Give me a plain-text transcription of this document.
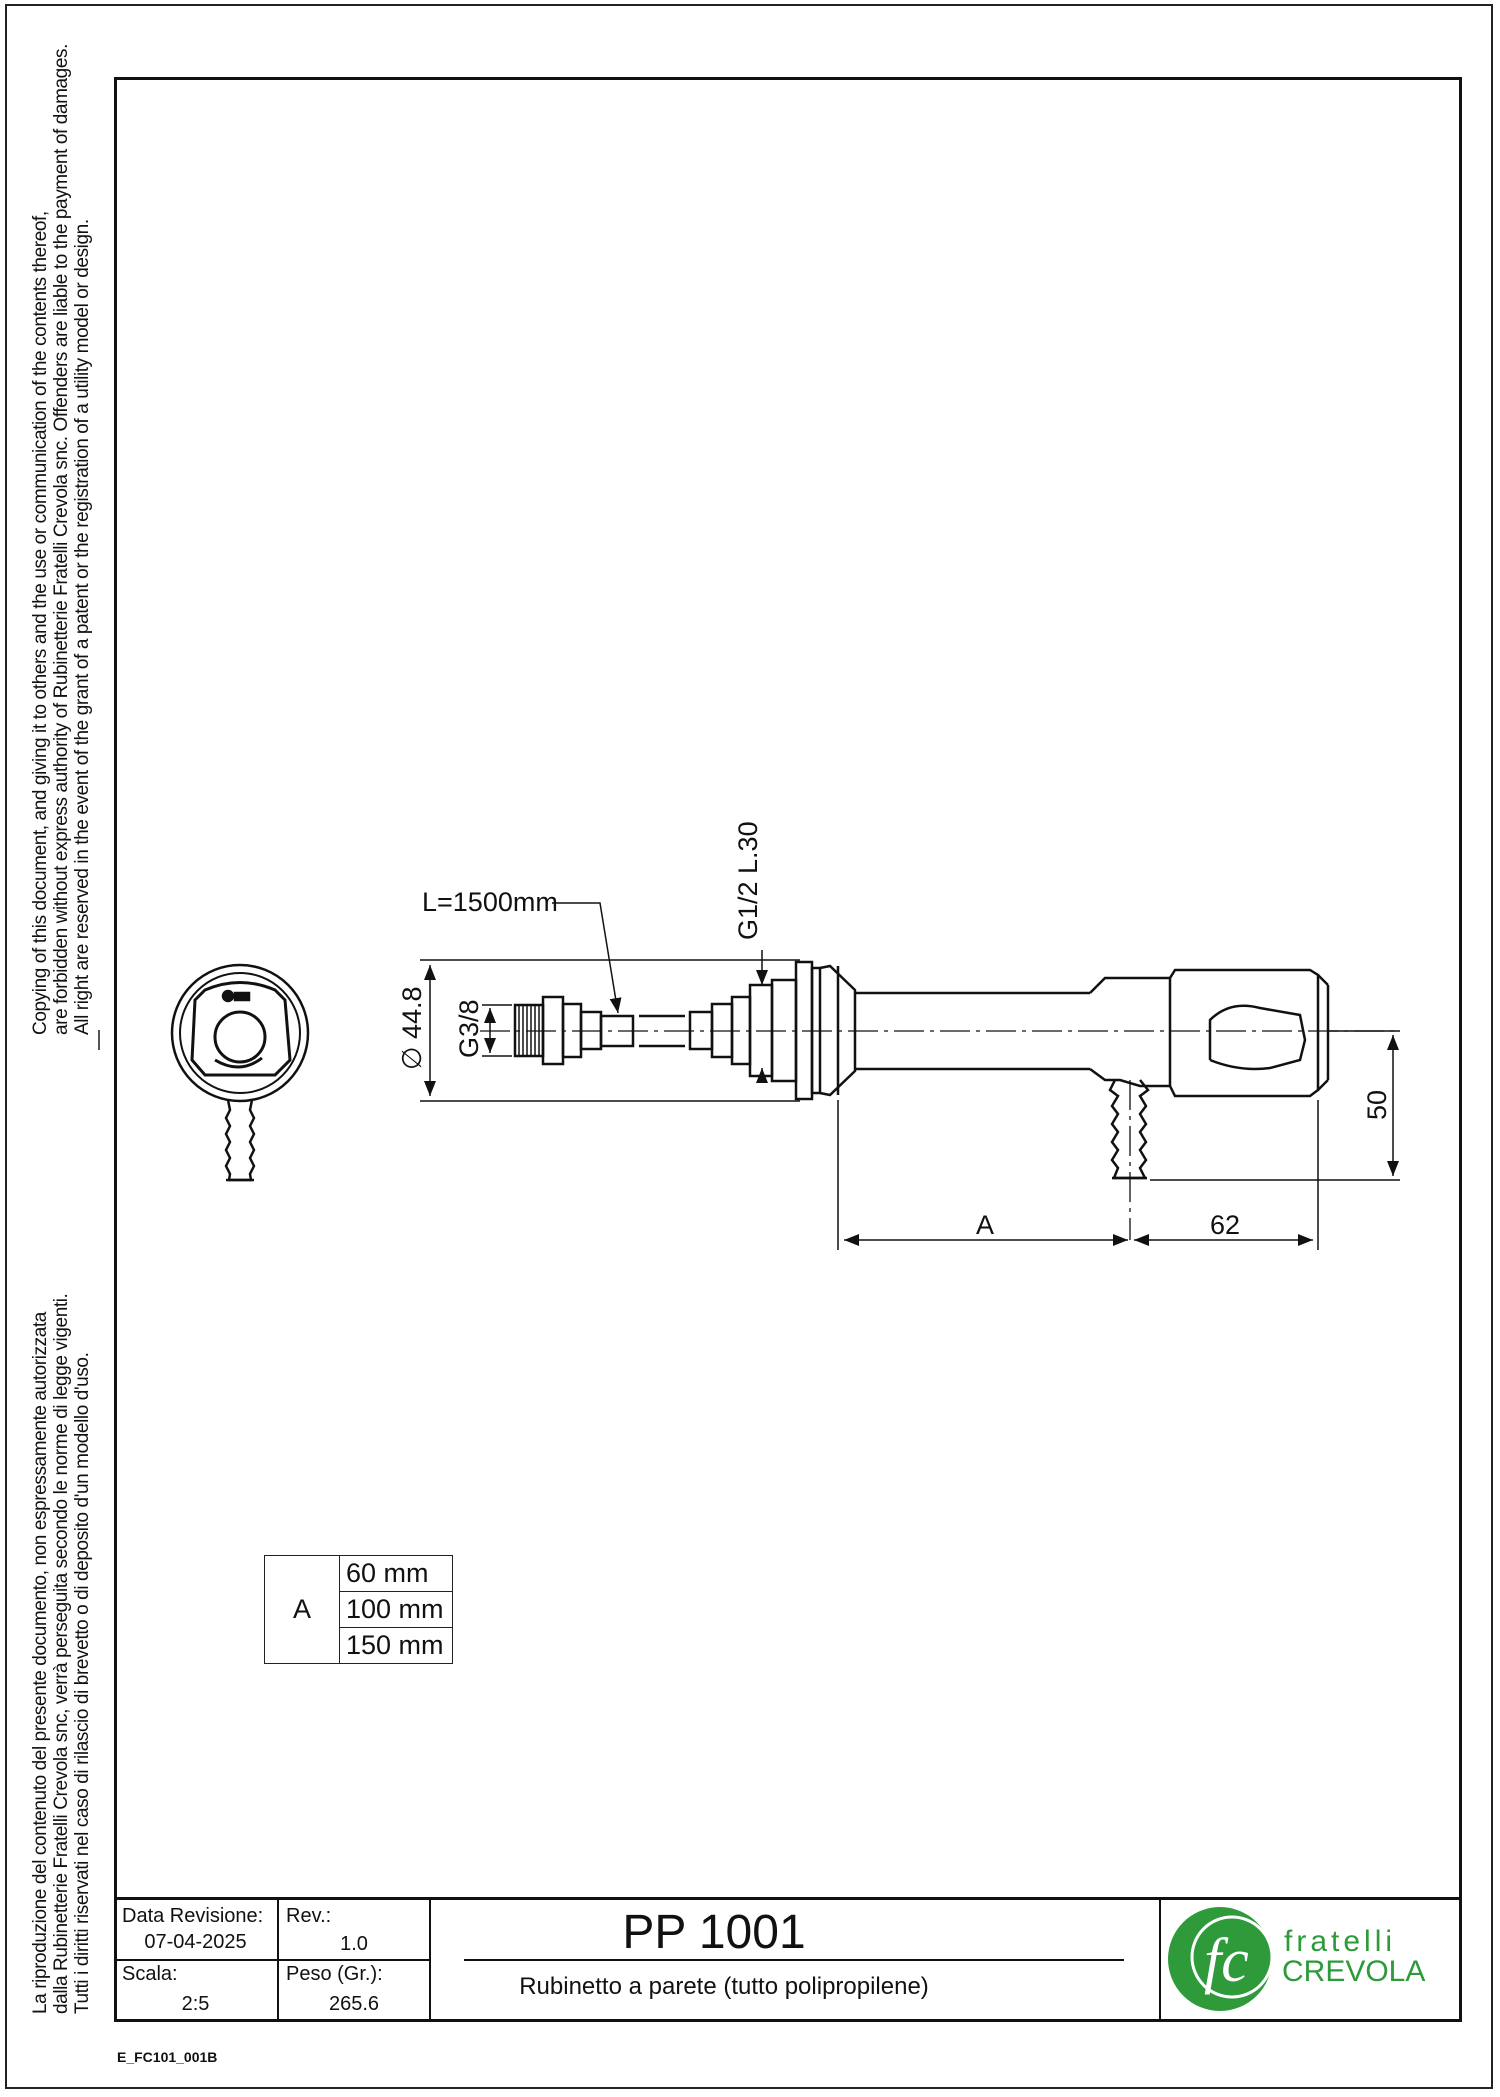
Copying of this document, and giving it to others and the use or communication of the contents thereof, are forbidden without express authority of Rubinetterie Fratelli Crevola snc. Offenders are liable to the payment of damages. All right are reserved in the event of the grant of a patent or the registration of a utility model or design.
La riproduzione del contenuto del presente documento, non espressamente autorizzata dalla Rubinetterie Fratelli Crevola snc, verrà perseguita secondo le norme di legge vigenti. Tutti i diritti riservati nel caso di rilascio di brevetto o di deposito d'un modello d'uso.
L=1500mm	G1/2 L.30
∅ 44.8 G3/8
50
A	62
A	60 mm
100 mm
150 mm
Data Revisione:
07-04-2025
Rev.:
1.0
Scala:
2:5
Peso (Gr.):
265.6
PP 1001
Rubinetto a parete (tutto polipropilene)	fc fratelli
CREVOLA
E_FC101_001B
